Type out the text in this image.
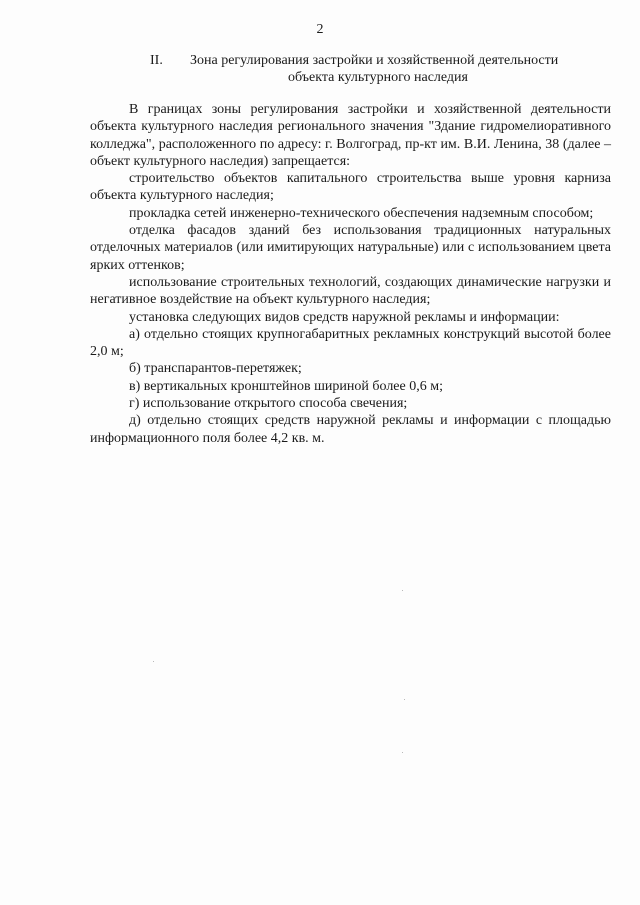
2
II. Зона регулирования застройки и хозяйственной деятельности
объекта культурного наследия

В границах зоны регулирования застройки и хозяйственной деятельности объекта культурного наследия регионального значения "Здание гидромелиоративного колледжа", расположенного по адресу: г. Волгоград, пр-кт им. В.И. Ленина, 38 (далее – объект культурного наследия) запрещается:

строительство объектов капитального строительства выше уровня карниза объекта культурного наследия;

прокладка сетей инженерно-технического обеспечения надземным способом;

отделка фасадов зданий без использования традиционных натуральных отделочных материалов (или имитирующих натуральные) или с использованием цвета ярких оттенков;

использование строительных технологий, создающих динамические нагрузки и негативное воздействие на объект культурного наследия;

установка следующих видов средств наружной рекламы и информации:

а) отдельно стоящих крупногабаритных рекламных конструкций высотой более 2,0 м;

б) транспарантов-перетяжек;

в) вертикальных кронштейнов шириной более 0,6 м;

г) использование открытого способа свечения;

д) отдельно стоящих средств наружной рекламы и информации с площадью информационного поля более 4,2 кв. м.
